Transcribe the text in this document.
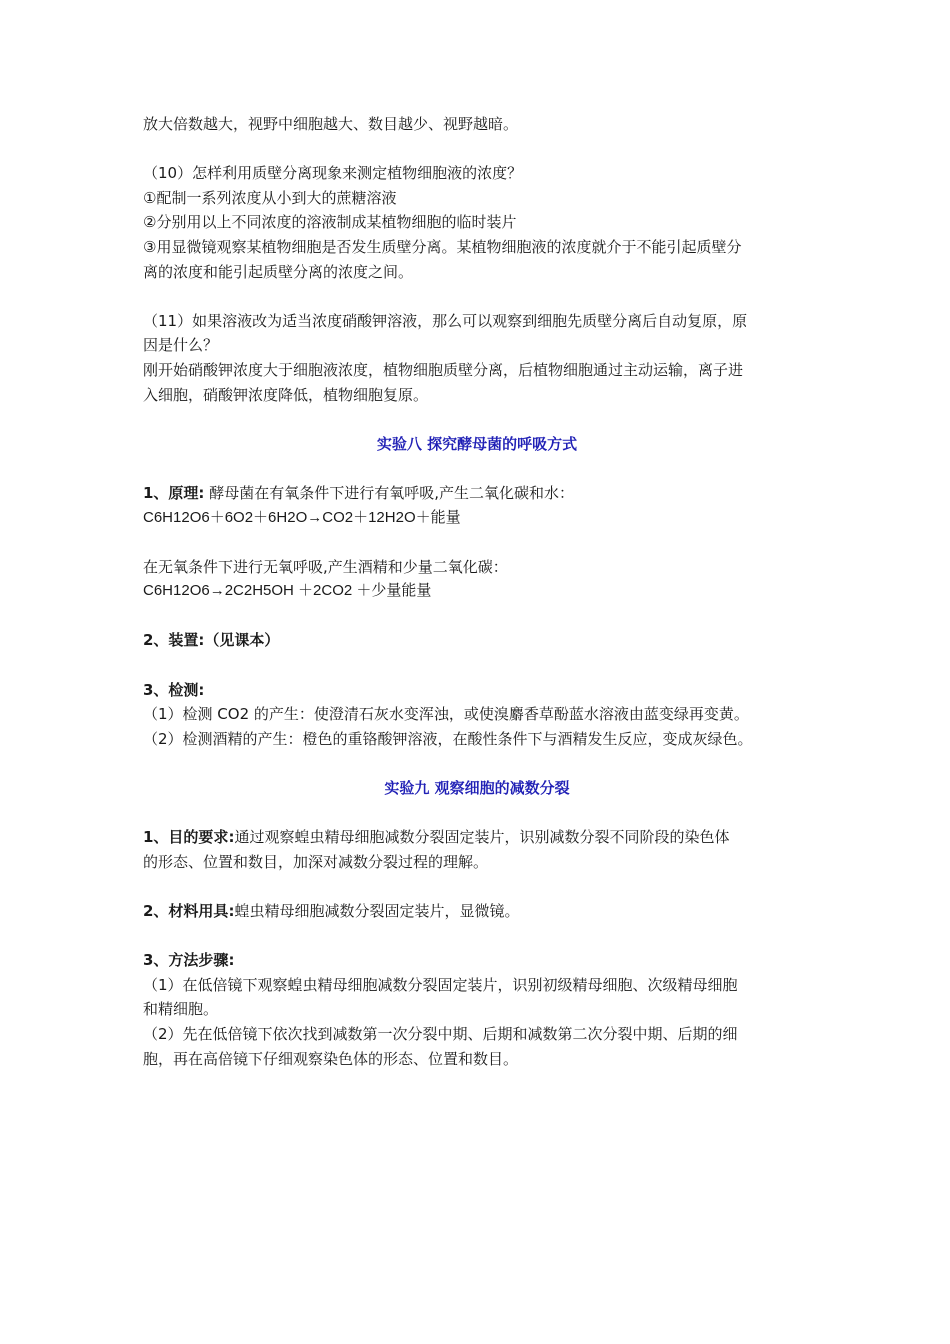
放大倍数越大，视野中细胞越大、数目越少、视野越暗。

（10）怎样利用质壁分离现象来测定植物细胞液的浓度？

①配制一系列浓度从小到大的蔗糖溶液

②分别用以上不同浓度的溶液制成某植物细胞的临时装片

③用显微镜观察某植物细胞是否发生质壁分离。某植物细胞液的浓度就介于不能引起质壁分

离的浓度和能引起质壁分离的浓度之间。

（11）如果溶液改为适当浓度硝酸钾溶液，那么可以观察到细胞先质壁分离后自动复原，原

因是什么？

刚开始硝酸钾浓度大于细胞液浓度，植物细胞质壁分离，后植物细胞通过主动运输，离子进

入细胞，硝酸钾浓度降低，植物细胞复原。

实验八 探究酵母菌的呼吸方式

1、原理: 酵母菌在有氧条件下进行有氧呼吸,产生二氧化碳和水：

C6H12O6＋6O2＋6H2O→CO2＋12H2O＋能量

在无氧条件下进行无氧呼吸,产生酒精和少量二氧化碳：

C6H12O6→2C2H5OH ＋2CO2 ＋少量能量

2、装置:（见课本）

3、检测:

（1）检测 CO2 的产生：使澄清石灰水变浑浊，或使溴麝香草酚蓝水溶液由蓝变绿再变黄。

（2）检测酒精的产生：橙色的重铬酸钾溶液，在酸性条件下与酒精发生反应，变成灰绿色。

实验九 观察细胞的减数分裂

1、目的要求:通过观察蝗虫精母细胞减数分裂固定装片，识别减数分裂不同阶段的染色体

的形态、位置和数目，加深对减数分裂过程的理解。

2、材料用具:蝗虫精母细胞减数分裂固定装片，显微镜。

3、方法步骤:

（1）在低倍镜下观察蝗虫精母细胞减数分裂固定装片，识别初级精母细胞、次级精母细胞

和精细胞。

（2）先在低倍镜下依次找到减数第一次分裂中期、后期和减数第二次分裂中期、后期的细

胞，再在高倍镜下仔细观察染色体的形态、位置和数目。
